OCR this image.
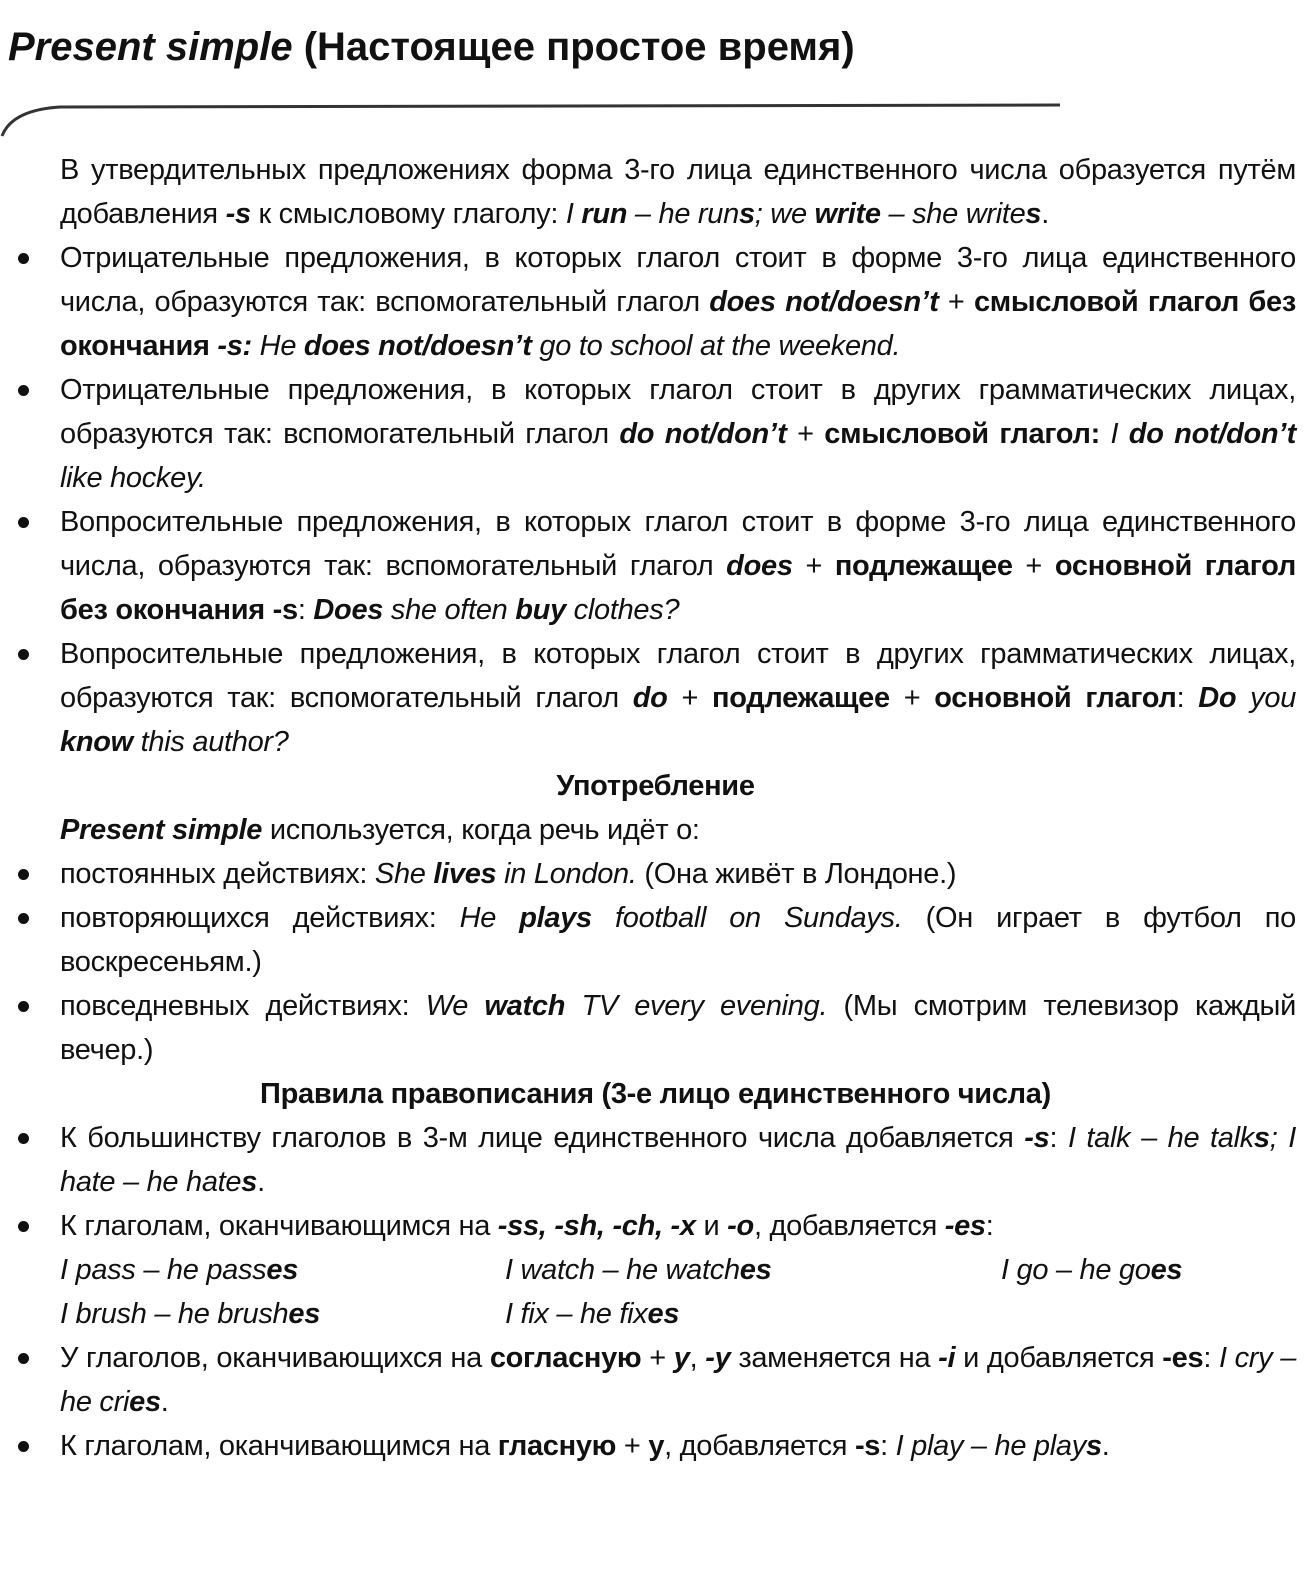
Present simple (Настоящее простое время)

В утвердительных предложениях форма 3-го лица единственного числа образуется путём добавления -s к смысловому глаголу: I run – he runs; we write – she writes.

Отрицательные предложения, в которых глагол стоит в форме 3-го лица единственного числа, образуются так: вспомогательный глагол does not/doesn’t + смысловой глагол без окончания -s: He does not/doesn’t go to school at the weekend.

Отрицательные предложения, в которых глагол стоит в других грамматических лицах, образуются так: вспомогательный глагол do not/don’t + смысловой глагол: I do not/don’t like hockey.

Вопросительные предложения, в которых глагол стоит в форме 3-го лица единственного числа, образуются так: вспомогательный глагол does + подлежащее + основной глагол без окончания -s: Does she often buy clothes?

Вопросительные предложения, в которых глагол стоит в других грамматических лицах, образуются так: вспомогательный глагол do + подлежащее + основной глагол: Do you know this author?

Употребление

Present simple используется, когда речь идёт о:

постоянных действиях: She lives in London. (Она живёт в Лондоне.)

повторяющихся действиях: He plays football on Sundays. (Он играет в футбол по воскресеньям.)

повседневных действиях: We watch TV every evening. (Мы смотрим телевизор каждый вечер.)

Правила правописания (3-е лицо единственного числа)

К большинству глаголов в 3-м лице единственного числа добавляется -s: I talk – he talks; I hate – he hates.

К глаголам, оканчивающимся на -ss, -sh, -ch, -x и -o, добавляется -es:

I pass – he passes	I watch – he watches	I go – he goes
I brush – he brushes	I fix – he fixes

У глаголов, оканчивающихся на согласную + y, -y заменяется на -i и добавляется -es: I cry – he cries.

К глаголам, оканчивающимся на гласную + y, добавляется -s: I play – he plays.
